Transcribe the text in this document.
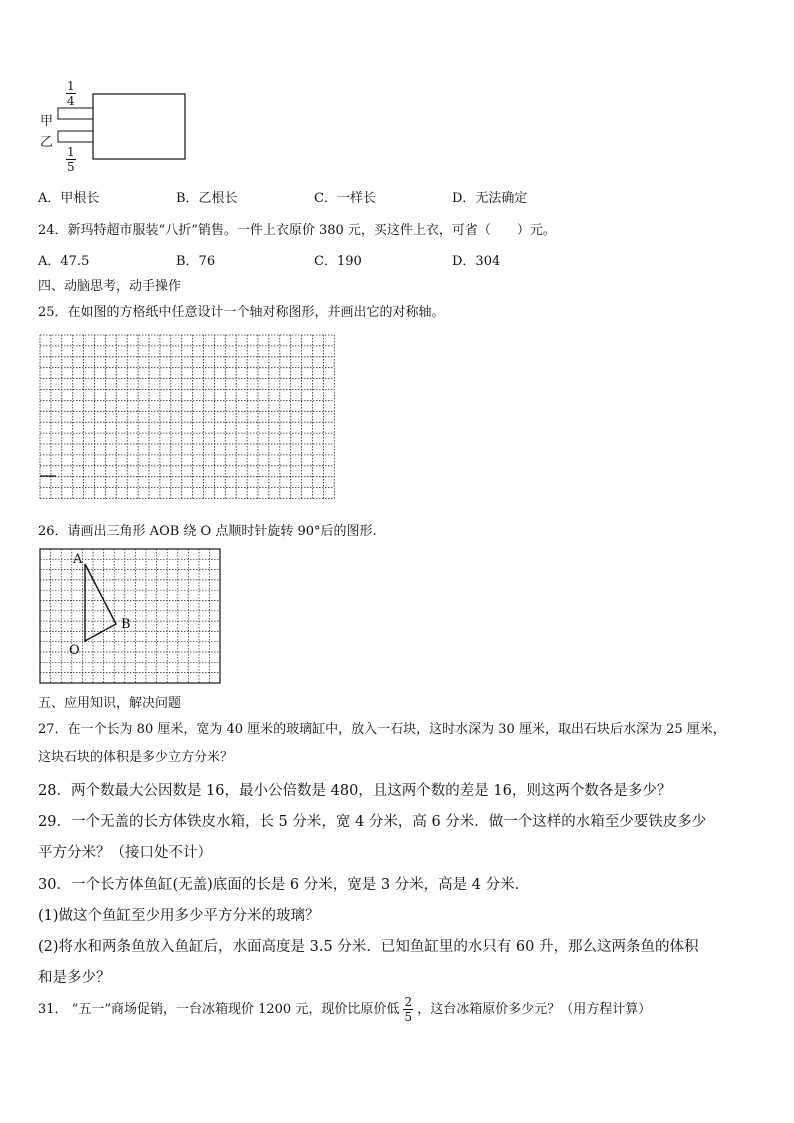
$\frac{1}{4}$
甲
乙
$\frac{1}{5}$
A．甲根长	B．乙根长	C．一样长	D．无法确定
24．新玛特超市服装“八折”销售。一件上衣原价 380 元，买这件上衣，可省（　　）元。
A．47.5	B．76	C．190	D．304
四、动脑思考，动手操作
25．在如图的方格纸中任意设计一个轴对称图形，并画出它的对称轴。
26．请画出三角形 AOB 绕 O 点顺时针旋转 90°后的图形.
A
B
O
五、应用知识，解决问题
27．在一个长为 80 厘米，宽为 40 厘米的玻璃缸中，放入一石块，这时水深为 30 厘米，取出石块后水深为 25 厘米，
这块石块的体积是多少立方分米？
28．两个数最大公因数是 16，最小公倍数是 480，且这两个数的差是 16，则这两个数各是多少？
29．一个无盖的长方体铁皮水箱，长 5 分米，宽 4 分米，高 6 分米．做一个这样的水箱至少要铁皮多少
平方分米？（接口处不计）
30．一个长方体鱼缸(无盖)底面的长是 6 分米，宽是 3 分米，高是 4 分米．
(1)做这个鱼缸至少用多少平方分米的玻璃？
(2)将水和两条鱼放入鱼缸后，水面高度是 3.5 分米．已知鱼缸里的水只有 60 升，那么这两条鱼的体积
和是多少？
31． “五一”商场促销，一台冰箱现价 1200 元，现价比原价低 $\frac{2}{5}$ ，这台冰箱原价多少元？（用方程计算）
